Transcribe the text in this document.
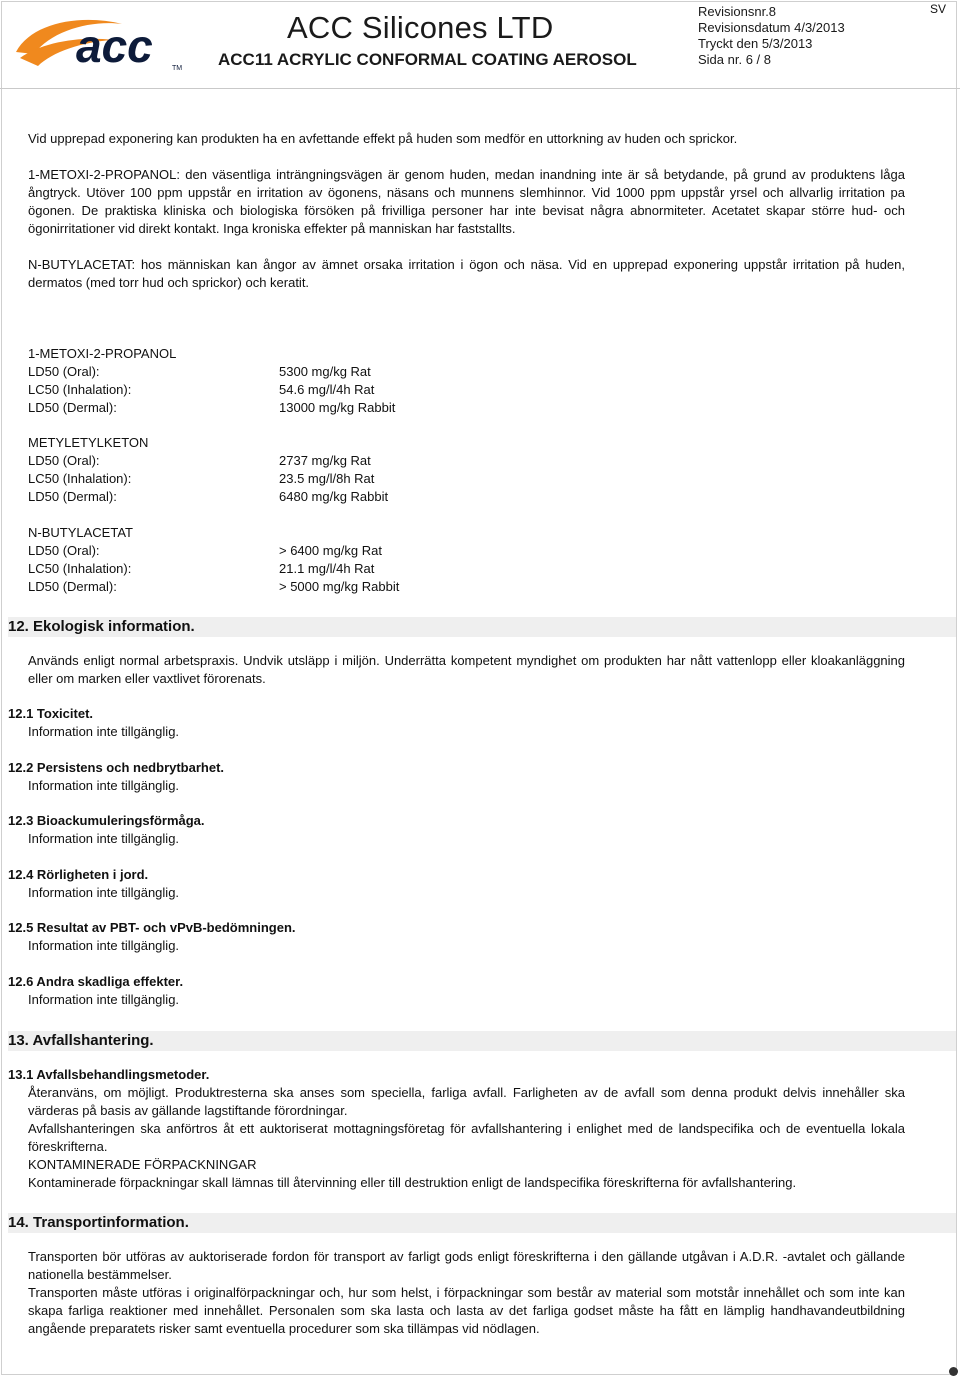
acc	TM
ACC Silicones LTD
ACC11 ACRYLIC CONFORMAL COATING AEROSOL
Revisionsnr.8
Revisionsdatum 4/3/2013
Tryckt den 5/3/2013
Sida nr. 6 / 8
SV
Vid upprepad exponering kan produkten ha en avfettande effekt på huden som medför en uttorkning av huden och sprickor.
1-METOXI-2-PROPANOL: den väsentliga inträngningsvägen är genom huden, medan inandning inte är så betydande, på grund av produktens låga ångtryck. Utöver 100 ppm uppstår en irritation av ögonens, näsans och munnens slemhinnor. Vid 1000 ppm uppstår yrsel och allvarlig irritation pa ögonen. De praktiska kliniska och biologiska försöken på frivilliga personer har inte bevisat några abnormiteter. Acetatet skapar större hud- och ögonirritationer vid direkt kontakt. Inga kroniska effekter på manniskan har faststallts.
N-BUTYLACETAT: hos människan kan ångor av ämnet orsaka irritation i ögon och näsa. Vid en upprepad exponering uppstår irritation på huden, dermatos (med torr hud och sprickor) och keratit.
1-METOXI-2-PROPANOL
LD50 (Oral):	5300 mg/kg Rat
LC50 (Inhalation):	54.6 mg/l/4h Rat
LD50 (Dermal):	13000 mg/kg Rabbit
METYLETYLKETON
LD50 (Oral):	2737 mg/kg Rat
LC50 (Inhalation):	23.5 mg/l/8h Rat
LD50 (Dermal):	6480 mg/kg Rabbit
N-BUTYLACETAT
LD50 (Oral):	> 6400 mg/kg Rat
LC50 (Inhalation):	21.1 mg/l/4h Rat
LD50 (Dermal):	> 5000 mg/kg Rabbit
12. Ekologisk information.
Används enligt normal arbetspraxis. Undvik utsläpp i miljön. Underrätta kompetent myndighet om produkten har nått vattenlopp eller kloakanläggning eller om marken eller vaxtlivet förorenats.
12.1 Toxicitet.
Information inte tillgänglig.
12.2 Persistens och nedbrytbarhet.
Information inte tillgänglig.
12.3 Bioackumuleringsförmåga.
Information inte tillgänglig.
12.4 Rörligheten i jord.
Information inte tillgänglig.
12.5 Resultat av PBT- och vPvB-bedömningen.
Information inte tillgänglig.
12.6 Andra skadliga effekter.
Information inte tillgänglig.
13. Avfallshantering.
13.1 Avfallsbehandlingsmetoder.
Återanväns, om möjligt. Produktresterna ska anses som speciella, farliga avfall. Farligheten av de avfall som denna produkt delvis innehåller ska värderas på basis av gällande lagstiftande förordningar.
Avfallshanteringen ska anförtros åt ett auktoriserat mottagningsföretag för avfallshantering i enlighet med de landspecifika och de eventuella lokala föreskrifterna.
KONTAMINERADE FÖRPACKNINGAR
Kontaminerade förpackningar skall lämnas till återvinning eller till destruktion enligt de landspecifika föreskrifterna för avfallshantering.
14. Transportinformation.
Transporten bör utföras av auktoriserade fordon för transport av farligt gods enligt föreskrifterna i den gällande utgåvan i A.D.R. -avtalet och gällande nationella bestämmelser.
Transporten måste utföras i originalförpackningar och, hur som helst, i förpackningar som består av material som motstår innehållet och som inte kan skapa farliga reaktioner med innehållet. Personalen som ska lasta och lasta av det farliga godset måste ha fått en lämplig handhavandeutbildning angående preparatets risker samt eventuella procedurer som ska tillämpas vid nödlagen.
